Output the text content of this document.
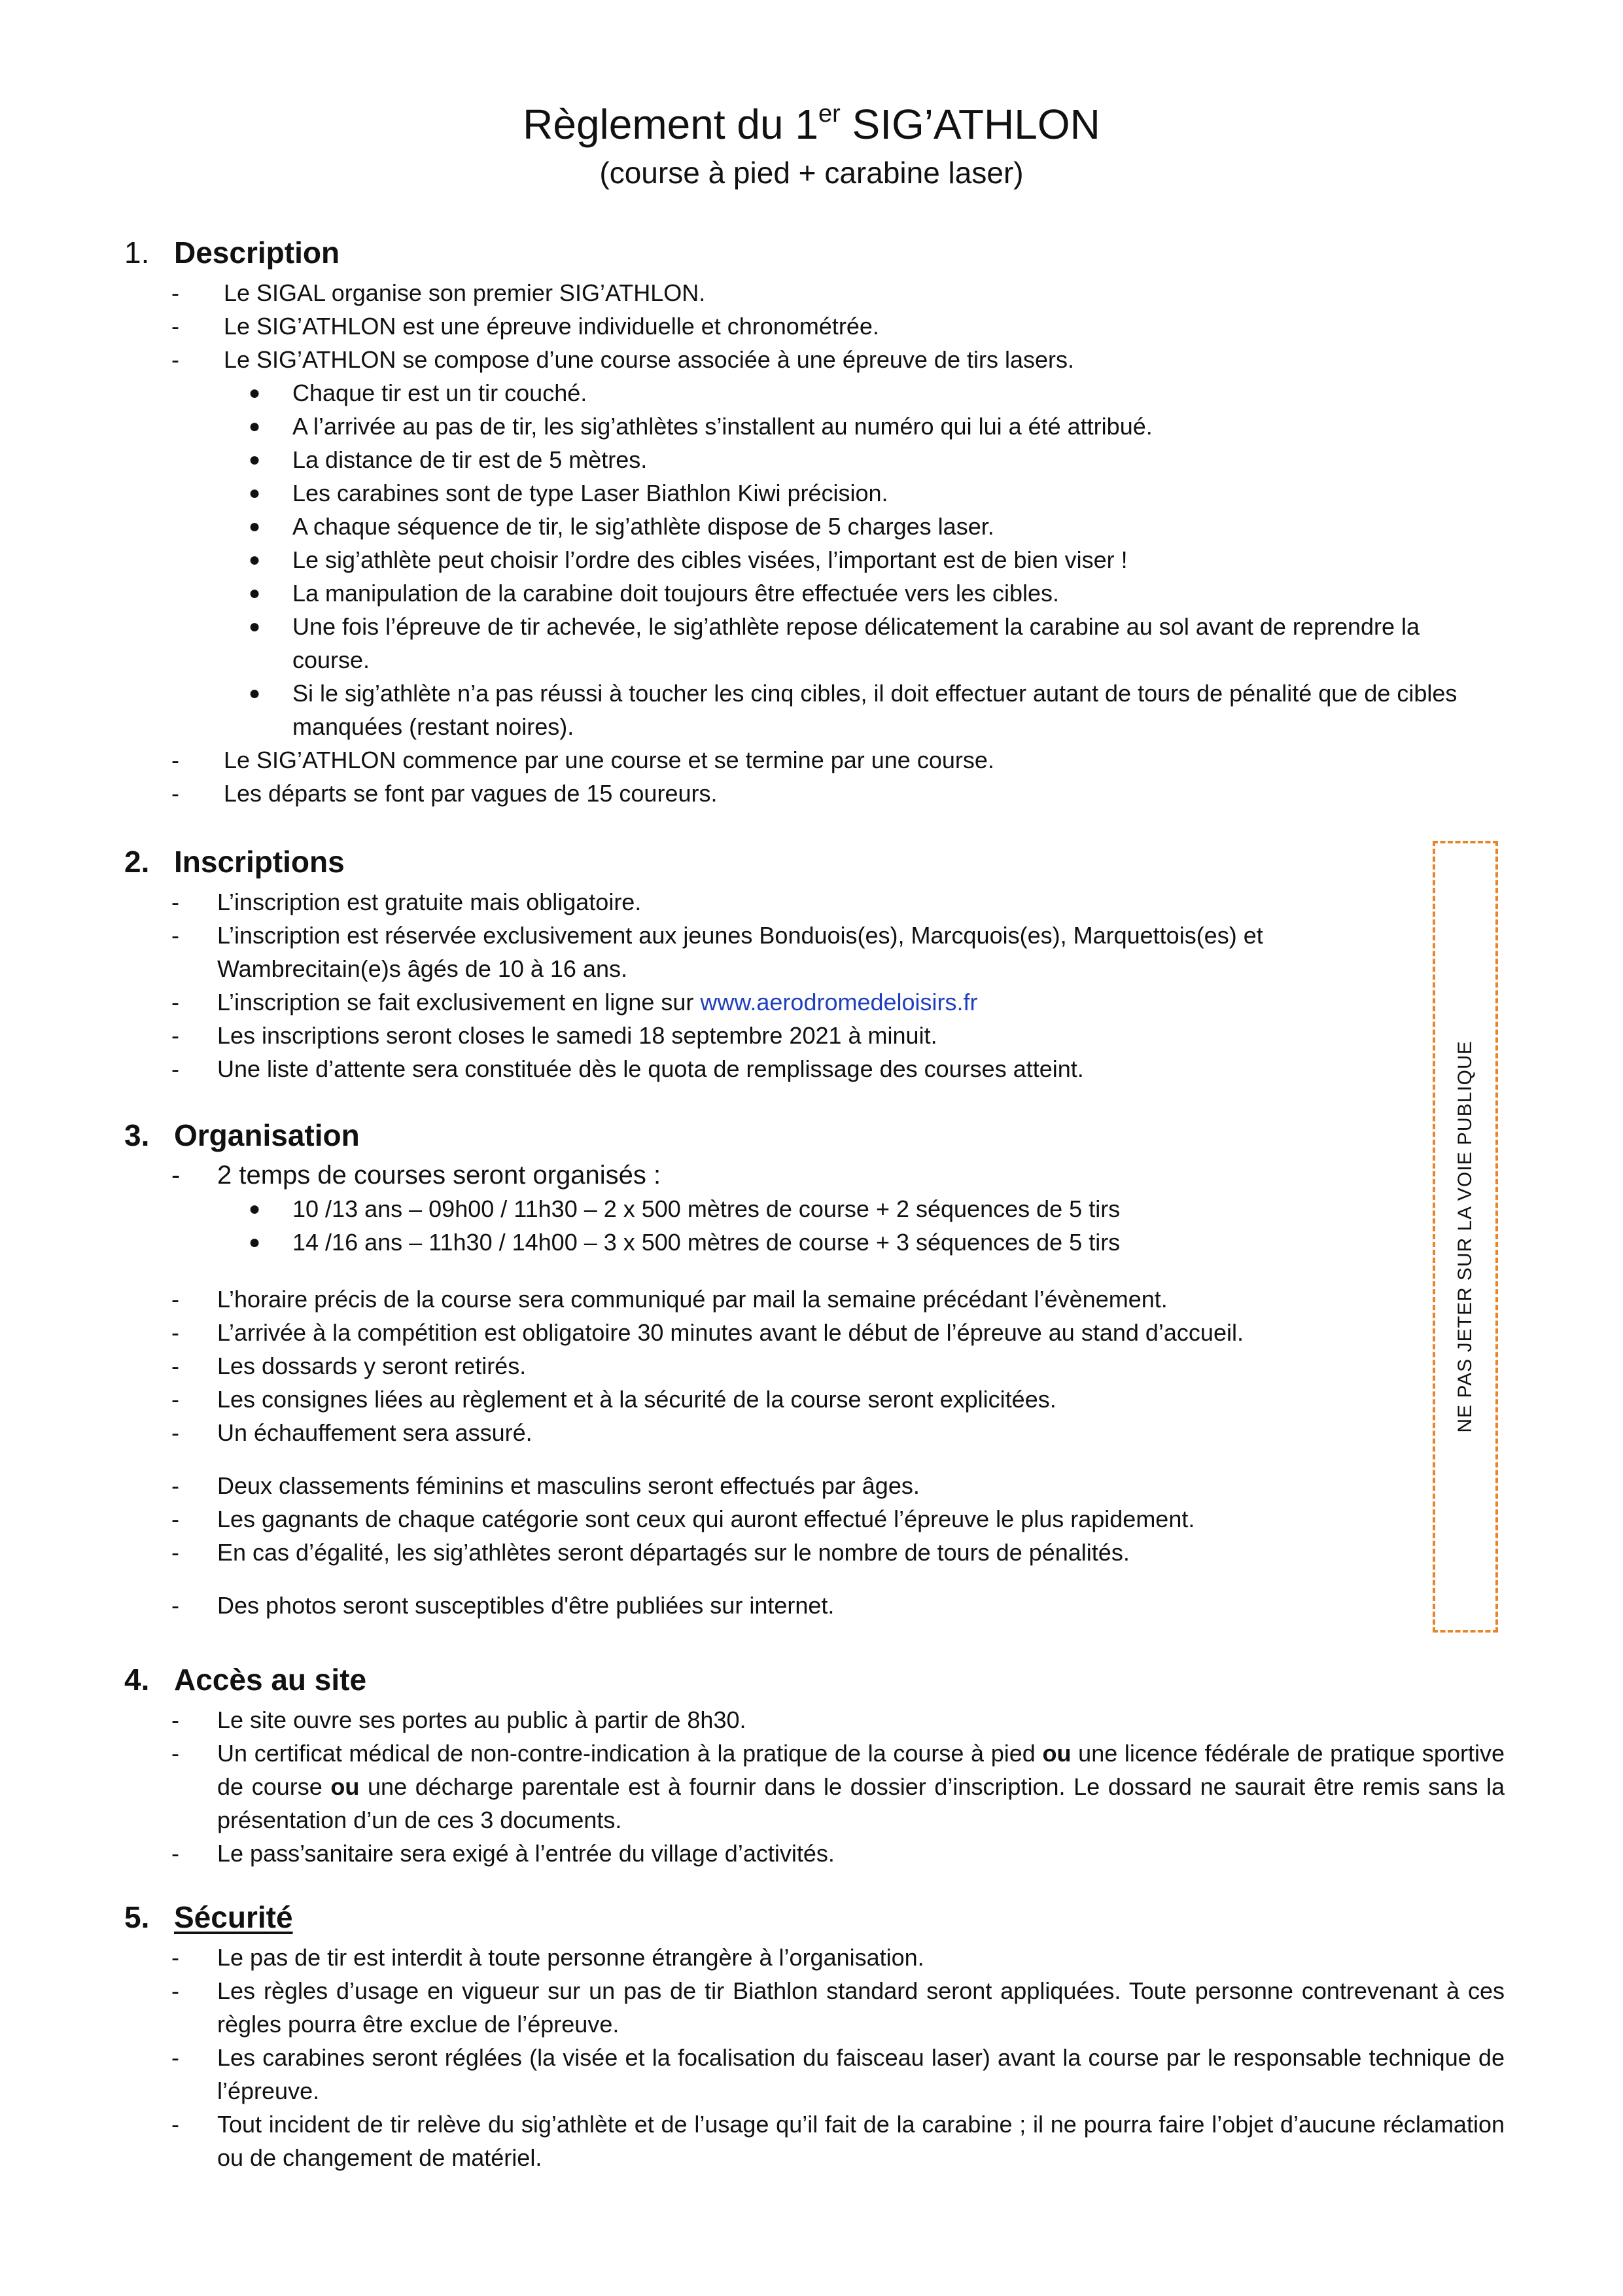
Règlement du 1er SIG’ATHLON
(course à pied + carabine laser)
1. Description
- Le SIGAL organise son premier SIG’ATHLON.
- Le SIG’ATHLON est une épreuve individuelle et chronométrée.
- Le SIG’ATHLON se compose d’une course associée à une épreuve de tirs lasers.
● Chaque tir est un tir couché.
● A l’arrivée au pas de tir, les sig’athlètes s’installent au numéro qui lui a été attribué.
● La distance de tir est de 5 mètres.
● Les carabines sont de type Laser Biathlon Kiwi précision.
● A chaque séquence de tir, le sig’athlète dispose de 5 charges laser.
● Le sig’athlète peut choisir l’ordre des cibles visées, l’important est de bien viser !
● La manipulation de la carabine doit toujours être effectuée vers les cibles.
● Une fois l’épreuve de tir achevée, le sig’athlète repose délicatement la carabine au sol avant de reprendre la course.
● Si le sig’athlète n’a pas réussi à toucher les cinq cibles, il doit effectuer autant de tours de pénalité que de cibles manquées (restant noires).
- Le SIG’ATHLON commence par une course et se termine par une course.
- Les départs se font par vagues de 15 coureurs.
2. Inscriptions
- L’inscription est gratuite mais obligatoire.
- L’inscription est réservée exclusivement aux jeunes Bonduois(es), Marcquois(es), Marquettois(es) et Wambrecitain(e)s âgés de 10 à 16 ans.
- L’inscription se fait exclusivement en ligne sur www.aerodromedeloisirs.fr
- Les inscriptions seront closes le samedi 18 septembre 2021 à minuit.
- Une liste d’attente sera constituée dès le quota de remplissage des courses atteint.
3. Organisation
- 2 temps de courses seront organisés :
● 10 /13 ans – 09h00 / 11h30 – 2 x 500 mètres de course + 2 séquences de 5 tirs
● 14 /16 ans – 11h30 / 14h00 – 3 x 500 mètres de course + 3 séquences de 5 tirs
- L’horaire précis de la course sera communiqué par mail la semaine précédant l’évènement.
- L’arrivée à la compétition est obligatoire 30 minutes avant le début de l’épreuve au stand d’accueil.
- Les dossards y seront retirés.
- Les consignes liées au règlement et à la sécurité de la course seront explicitées.
- Un échauffement sera assuré.
- Deux classements féminins et masculins seront effectués par âges.
- Les gagnants de chaque catégorie sont ceux qui auront effectué l’épreuve le plus rapidement.
- En cas d’égalité, les sig’athlètes seront départagés sur le nombre de tours de pénalités.
- Des photos seront susceptibles d'être publiées sur internet.
4. Accès au site
- Le site ouvre ses portes au public à partir de 8h30.
- Un certificat médical de non-contre-indication à la pratique de la course à pied ou une licence fédérale de pratique sportive de course ou une décharge parentale est à fournir dans le dossier d’inscription. Le dossard ne saurait être remis sans la présentation d’un de ces 3 documents.
- Le pass’sanitaire sera exigé à l’entrée du village d’activités.
5. Sécurité
- Le pas de tir est interdit à toute personne étrangère à l’organisation.
- Les règles d’usage en vigueur sur un pas de tir Biathlon standard seront appliquées. Toute personne contrevenant à ces règles pourra être exclue de l’épreuve.
- Les carabines seront réglées (la visée et la focalisation du faisceau laser) avant la course par le responsable technique de l’épreuve.
- Tout incident de tir relève du sig’athlète et de l’usage qu’il fait de la carabine ; il ne pourra faire l’objet d’aucune réclamation ou de changement de matériel.
NE PAS JETER SUR LA VOIE PUBLIQUE
